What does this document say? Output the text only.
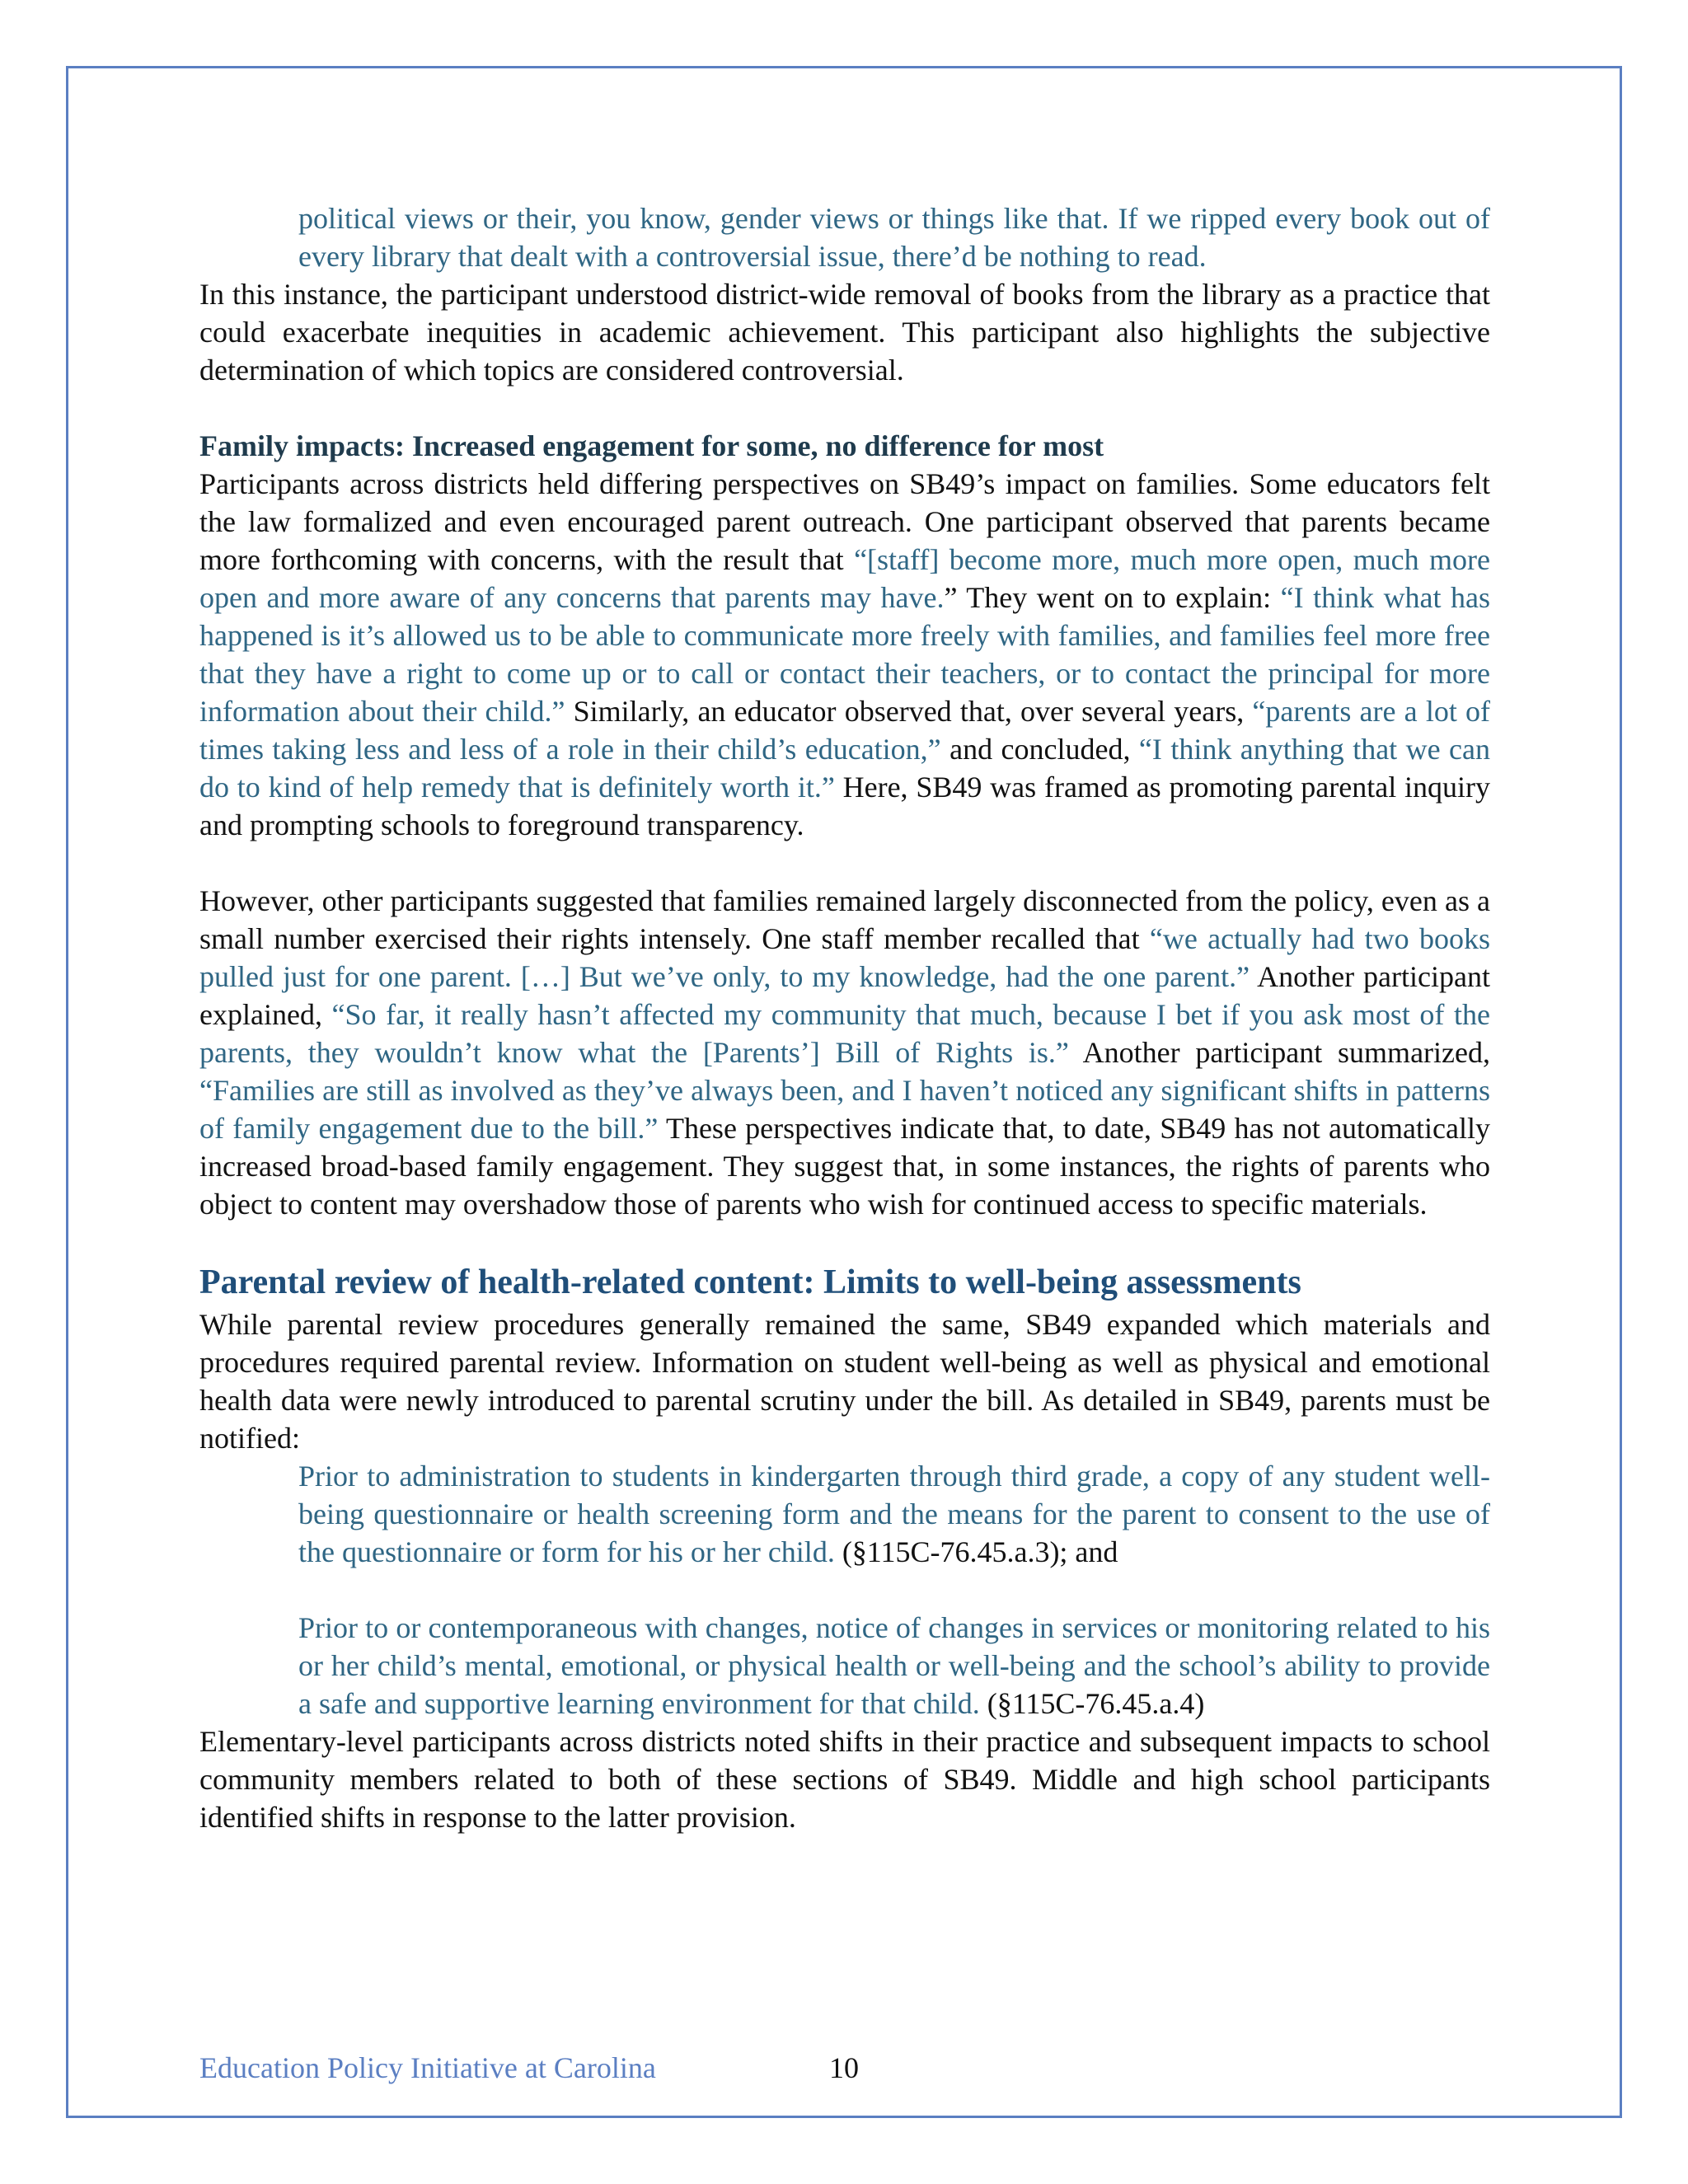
political views or their, you know, gender views or things like that. If we ripped every book out of every library that dealt with a controversial issue, there’d be nothing to read.

In this instance, the participant understood district-wide removal of books from the library as a practice that could exacerbate inequities in academic achievement. This participant also highlights the subjective determination of which topics are considered controversial.

Family impacts: Increased engagement for some, no difference for most

Participants across districts held differing perspectives on SB49’s impact on families. Some educators felt the law formalized and even encouraged parent outreach. One participant observed that parents became more forthcoming with concerns, with the result that “[staff] become more, much more open, much more open and more aware of any concerns that parents may have.” They went on to explain: “I think what has happened is it’s allowed us to be able to communicate more freely with families, and families feel more free that they have a right to come up or to call or contact their teachers, or to contact the principal for more information about their child.” Similarly, an educator observed that, over several years, “parents are a lot of times taking less and less of a role in their child’s education,” and concluded, “I think anything that we can do to kind of help remedy that is definitely worth it.” Here, SB49 was framed as promoting parental inquiry and prompting schools to foreground transparency.

However, other participants suggested that families remained largely disconnected from the policy, even as a small number exercised their rights intensely. One staff member recalled that “we actually had two books pulled just for one parent. […] But we’ve only, to my knowledge, had the one parent.” Another participant explained, “So far, it really hasn’t affected my community that much, because I bet if you ask most of the parents, they wouldn’t know what the [Parents’] Bill of Rights is.” Another participant summarized, “Families are still as involved as they’ve always been, and I haven’t noticed any significant shifts in patterns of family engagement due to the bill.” These perspectives indicate that, to date, SB49 has not automatically increased broad-based family engagement. They suggest that, in some instances, the rights of parents who object to content may overshadow those of parents who wish for continued access to specific materials.

Parental review of health-related content: Limits to well-being assessments

While parental review procedures generally remained the same, SB49 expanded which materials and procedures required parental review. Information on student well-being as well as physical and emotional health data were newly introduced to parental scrutiny under the bill. As detailed in SB49, parents must be notified:

Prior to administration to students in kindergarten through third grade, a copy of any student well-being questionnaire or health screening form and the means for the parent to consent to the use of the questionnaire or form for his or her child. (§115C-76.45.a.3); and

Prior to or contemporaneous with changes, notice of changes in services or monitoring related to his or her child’s mental, emotional, or physical health or well-being and the school’s ability to provide a safe and supportive learning environment for that child. (§115C-76.45.a.4)

Elementary-level participants across districts noted shifts in their practice and subsequent impacts to school community members related to both of these sections of SB49. Middle and high school participants identified shifts in response to the latter provision.

Education Policy Initiative at Carolina	10
